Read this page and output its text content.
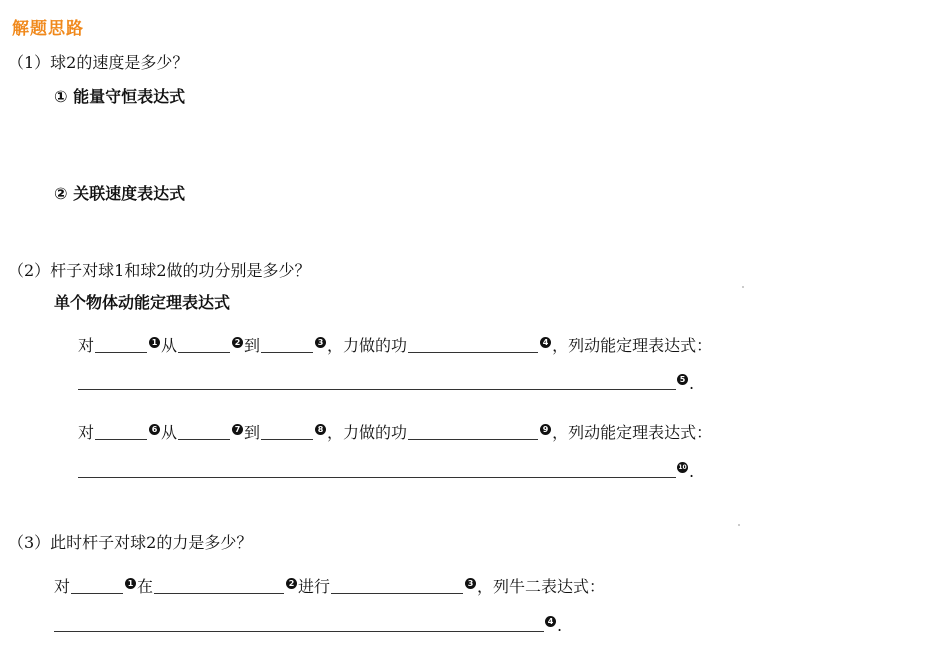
解题思路
（1）球2的速度是多少？
① 能量守恒表达式
② 关联速度表达式
（2）杆子对球1和球2做的功分别是多少？
单个物体动能定理表达式
对	1 从	2 到	3 ，力做的功	4 ，列动能定理表达式：
5 .
对	6 从	7 到	8 ，力做的功	9 ，列动能定理表达式：
10 .
（3）此时杆子对球2的力是多少？
对	1 在	2 进行	3 ，列牛二表达式：
4 .
